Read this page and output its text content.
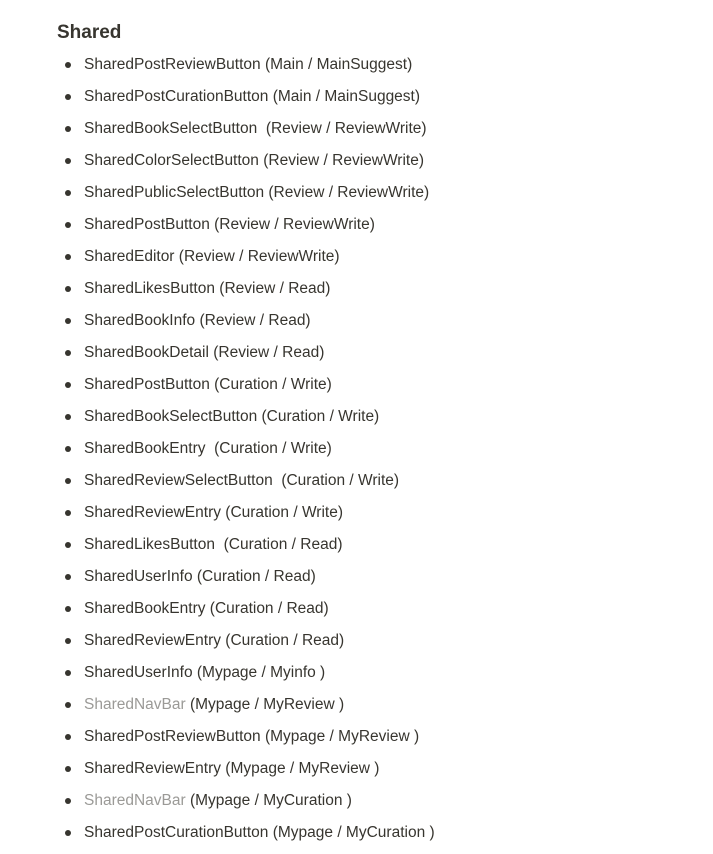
Shared
SharedPostReviewButton (Main / MainSuggest)
SharedPostCurationButton (Main / MainSuggest)
SharedBookSelectButton  (Review / ReviewWrite)
SharedColorSelectButton (Review / ReviewWrite)
SharedPublicSelectButton (Review / ReviewWrite)
SharedPostButton (Review / ReviewWrite)
SharedEditor (Review / ReviewWrite)
SharedLikesButton (Review / Read)
SharedBookInfo (Review / Read)
SharedBookDetail (Review / Read)
SharedPostButton (Curation / Write)
SharedBookSelectButton (Curation / Write)
SharedBookEntry  (Curation / Write)
SharedReviewSelectButton  (Curation / Write)
SharedReviewEntry (Curation / Write)
SharedLikesButton  (Curation / Read)
SharedUserInfo (Curation / Read)
SharedBookEntry (Curation / Read)
SharedReviewEntry (Curation / Read)
SharedUserInfo (Mypage / Myinfo )
SharedNavBar (Mypage / MyReview )
SharedPostReviewButton (Mypage / MyReview )
SharedReviewEntry (Mypage / MyReview )
SharedNavBar (Mypage / MyCuration )
SharedPostCurationButton (Mypage / MyCuration )
